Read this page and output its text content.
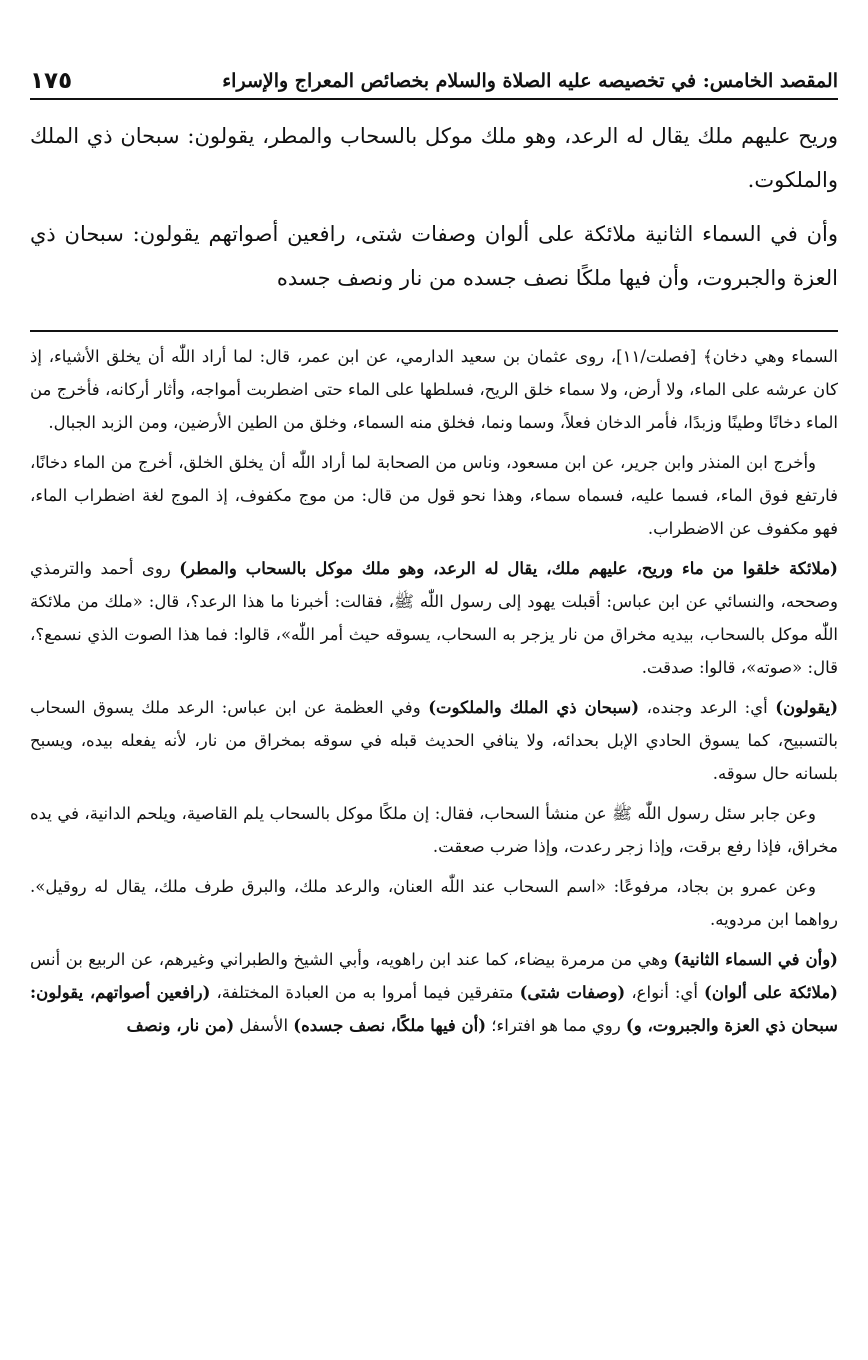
١٧٥	المقصد الخامس: في تخصيصه عليه الصلاة والسلام بخصائص المعراج والإسراء

وريح عليهم ملك يقال له الرعد، وهو ملك موكل بالسحاب والمطر، يقولون: سبحان ذي الملك والملكوت.

وأن في السماء الثانية ملائكة على ألوان وصفات شتى، رافعين أصواتهم يقولون: سبحان ذي العزة والجبروت، وأن فيها ملكًا نصف جسده من نار ونصف جسده

السماء وهي دخان﴾ [فصلت/١١]، روى عثمان بن سعيد الدارمي، عن ابن عمر، قال: لما أراد اللّٰه أن يخلق الأشياء، إذ كان عرشه على الماء، ولا أرض، ولا سماء خلق الريح، فسلطها على الماء حتى اضطربت أمواجه، وأثار أركانه، فأخرج من الماء دخانًا وطينًا وزبدًا، فأمر الدخان فعلاً، وسما ونما، فخلق منه السماء، وخلق من الطين الأرضين، ومن الزبد الجبال.

وأخرج ابن المنذر وابن جرير، عن ابن مسعود، وناس من الصحابة لما أراد اللّٰه أن يخلق الخلق، أخرج من الماء دخانًا، فارتفع فوق الماء، فسما عليه، فسماه سماء، وهذا نحو قول من قال: من موج مكفوف، إذ الموج لغة اضطراب الماء، فهو مكفوف عن الاضطراب.

(ملائكة خلقوا من ماء وريح، عليهم ملك، يقال له الرعد، وهو ملك موكل بالسحاب والمطر) روى أحمد والترمذي وصححه، والنسائي عن ابن عباس: أقبلت يهود إلى رسول اللّٰه ﷺ، فقالت: أخبرنا ما هذا الرعد؟، قال: «ملك من ملائكة اللّٰه موكل بالسحاب، بيديه مخراق من نار يزجر به السحاب، يسوقه حيث أمر اللّٰه»، قالوا: فما هذا الصوت الذي نسمع؟، قال: «صوته»، قالوا: صدقت.

(يقولون) أي: الرعد وجنده، (سبحان ذي الملك والملكوت) وفي العظمة عن ابن عباس: الرعد ملك يسوق السحاب بالتسبيح، كما يسوق الحادي الإبل بحدائه، ولا ينافي الحديث قبله في سوقه بمخراق من نار، لأنه يفعله بيده، ويسبح بلسانه حال سوقه.

وعن جابر سئل رسول اللّٰه ﷺ عن منشأ السحاب، فقال: إن ملكًا موكل بالسحاب يلم القاصية، ويلحم الدانية، في يده مخراق، فإذا رفع برقت، وإذا زجر رعدت، وإذا ضرب صعقت.

وعن عمرو بن بجاد، مرفوعًا: «اسم السحاب عند اللّٰه العنان، والرعد ملك، والبرق طرف ملك، يقال له روقيل». رواهما ابن مردويه.

(وأن في السماء الثانية) وهي من مرمرة بيضاء، كما عند ابن راهويه، وأبي الشيخ والطبراني وغيرهم، عن الربيع بن أنس (ملائكة على ألوان) أي: أنواع، (وصفات شتى) متفرقين فيما أمروا به من العبادة المختلفة، (رافعين أصواتهم، يقولون: سبحان ذي العزة والجبروت، و) روي مما هو افتراء؛ (أن فيها ملكًا، نصف جسده) الأسفل (من نار، ونصف
